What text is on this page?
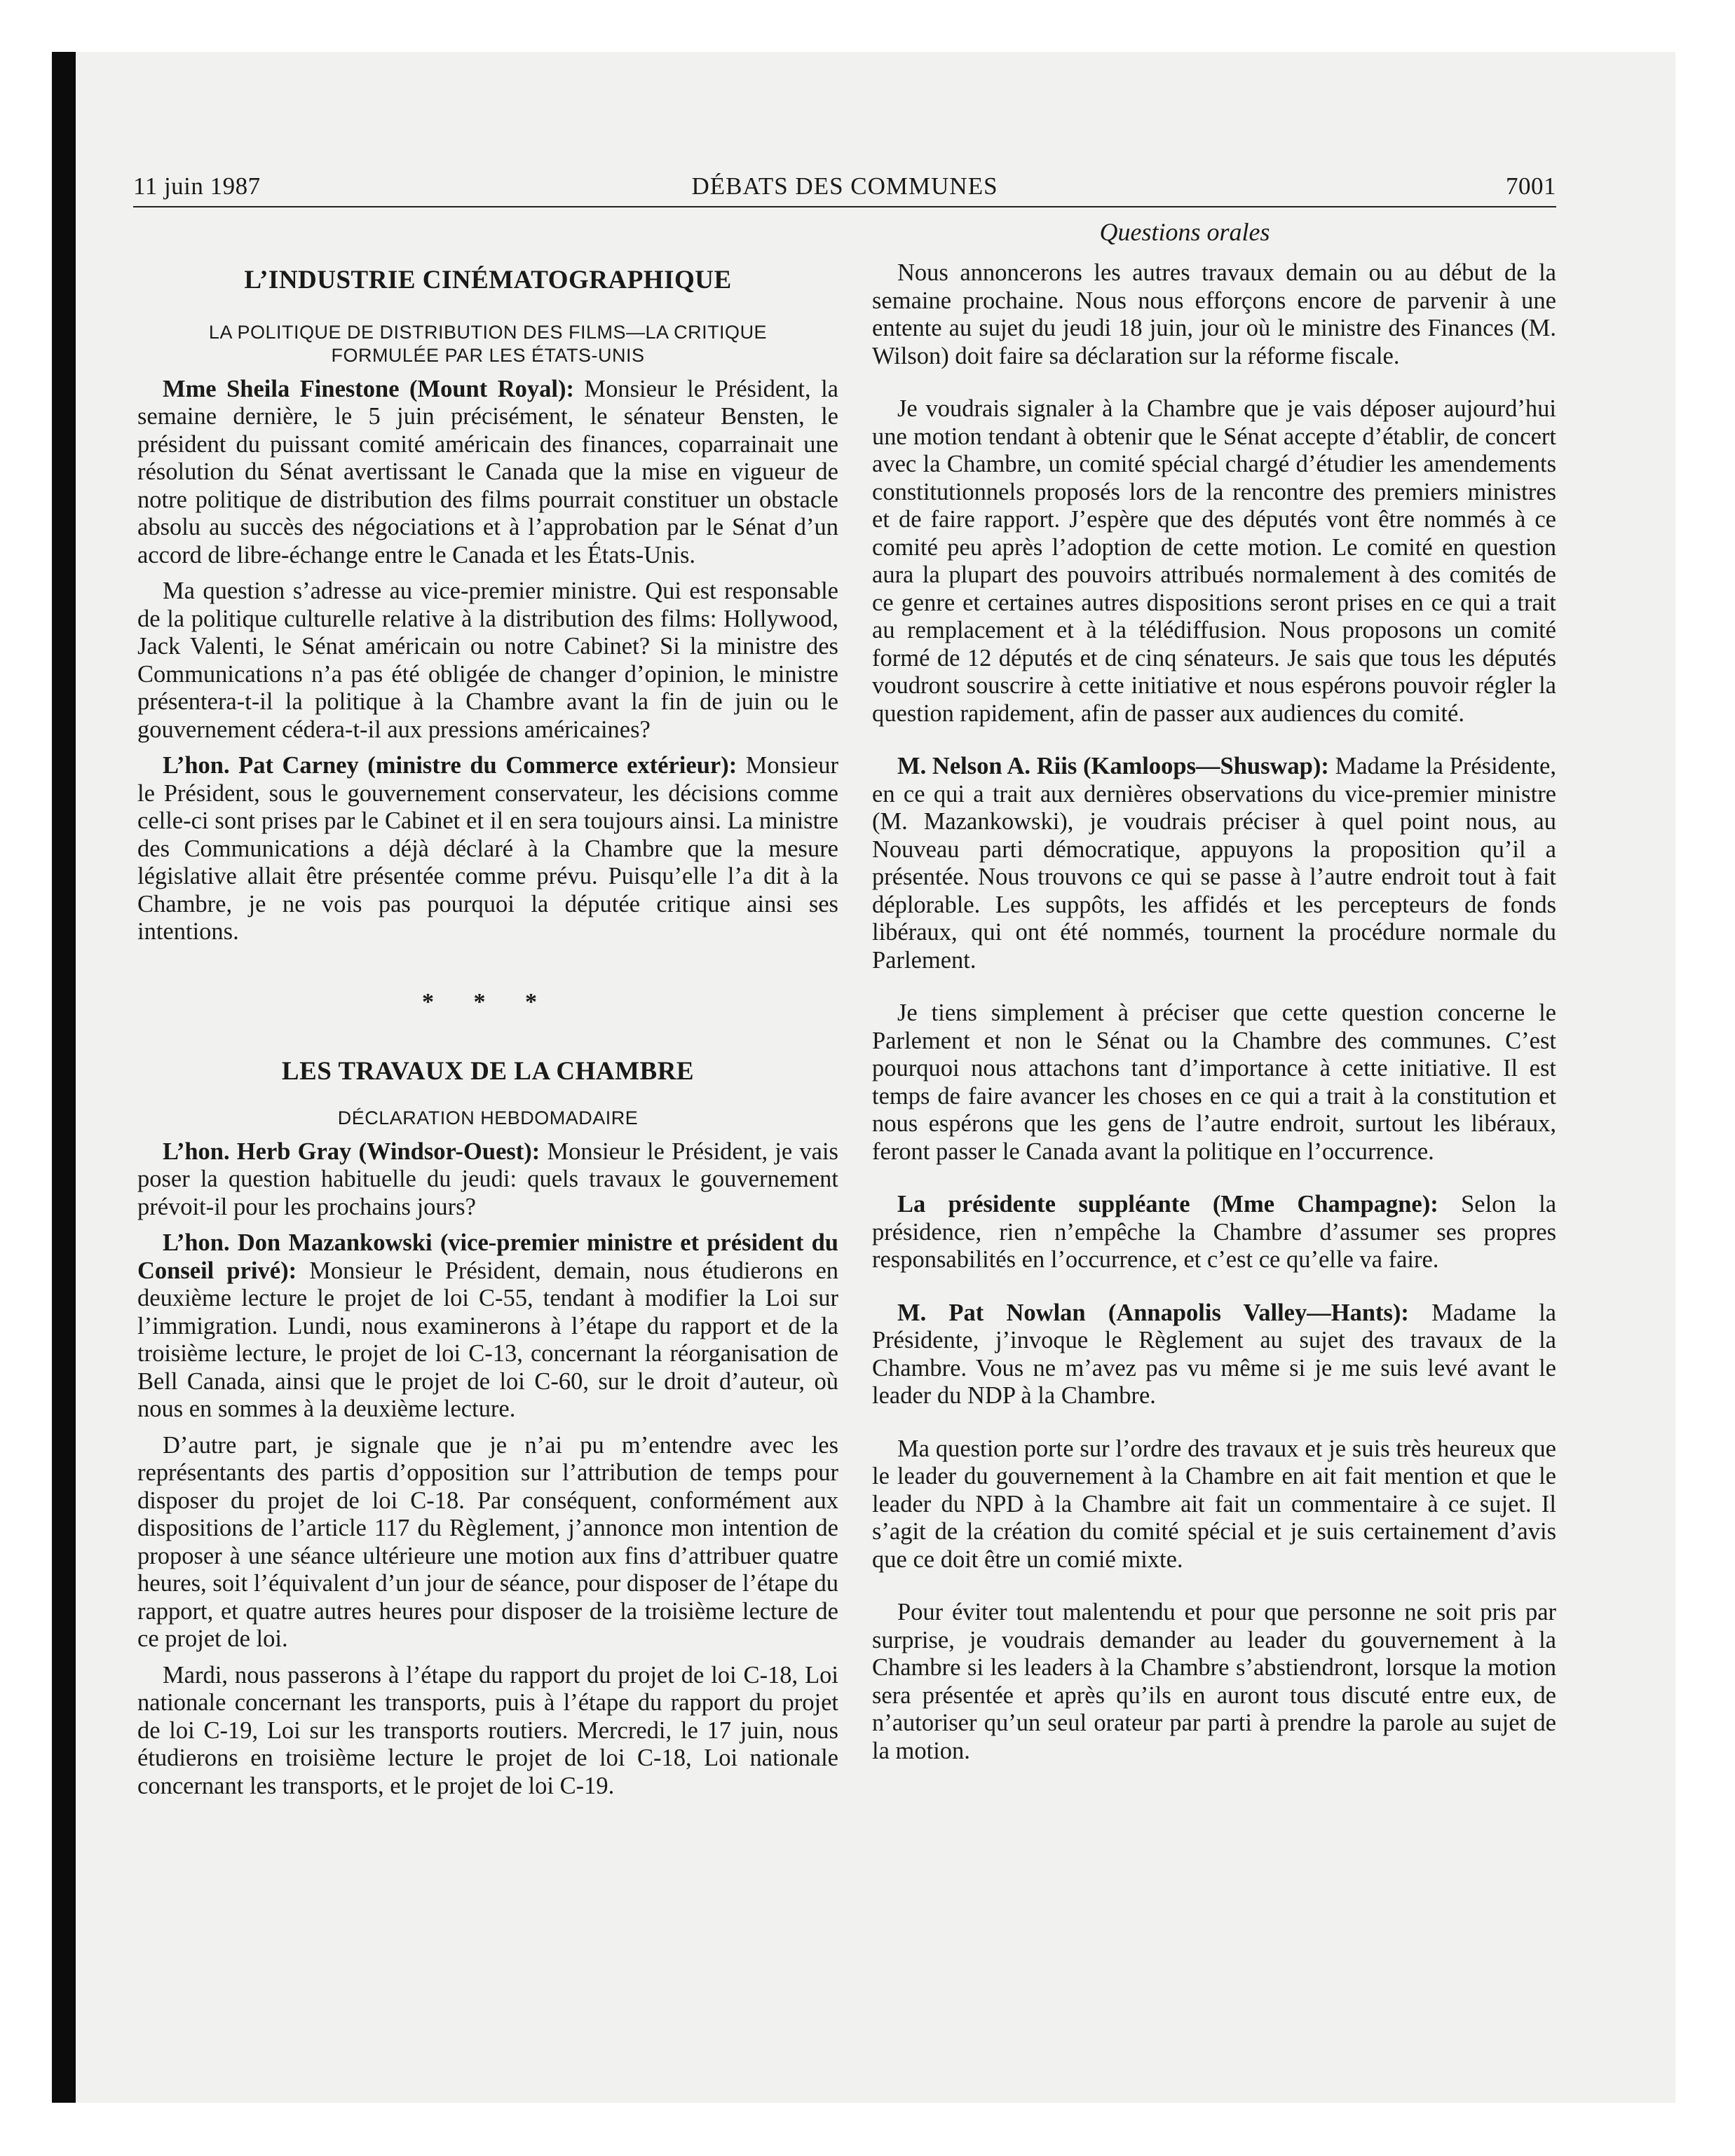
11 juin 1987	DÉBATS DES COMMUNES	7001
Questions orales
L’INDUSTRIE CINÉMATOGRAPHIQUE
LA POLITIQUE DE DISTRIBUTION DES FILMS—LA CRITIQUE FORMULÉE PAR LES ÉTATS-UNIS

Mme Sheila Finestone (Mount Royal): Monsieur le Président, la semaine dernière, le 5 juin précisément, le sénateur Bensten, le président du puissant comité américain des finances, coparrainait une résolution du Sénat avertissant le Canada que la mise en vigueur de notre politique de distribution des films pourrait constituer un obstacle absolu au succès des négociations et à l’approbation par le Sénat d’un accord de libre-échange entre le Canada et les États-Unis.

Ma question s’adresse au vice-premier ministre. Qui est responsable de la politique culturelle relative à la distribution des films: Hollywood, Jack Valenti, le Sénat américain ou notre Cabinet? Si la ministre des Communications n’a pas été obligée de changer d’opinion, le ministre présentera-t-il la politique à la Chambre avant la fin de juin ou le gouvernement cédera-t-il aux pressions américaines?

L’hon. Pat Carney (ministre du Commerce extérieur): Monsieur le Président, sous le gouvernement conservateur, les décisions comme celle-ci sont prises par le Cabinet et il en sera toujours ainsi. La ministre des Communications a déjà déclaré à la Chambre que la mesure législative allait être présentée comme prévu. Puisqu’elle l’a dit à la Chambre, je ne vois pas pourquoi la députée critique ainsi ses intentions.

* * *
LES TRAVAUX DE LA CHAMBRE
DÉCLARATION HEBDOMADAIRE

L’hon. Herb Gray (Windsor-Ouest): Monsieur le Président, je vais poser la question habituelle du jeudi: quels travaux le gouvernement prévoit-il pour les prochains jours?

L’hon. Don Mazankowski (vice-premier ministre et président du Conseil privé): Monsieur le Président, demain, nous étudierons en deuxième lecture le projet de loi C-55, tendant à modifier la Loi sur l’immigration. Lundi, nous examinerons à l’étape du rapport et de la troisième lecture, le projet de loi C-13, concernant la réorganisation de Bell Canada, ainsi que le projet de loi C-60, sur le droit d’auteur, où nous en sommes à la deuxième lecture.

D’autre part, je signale que je n’ai pu m’entendre avec les représentants des partis d’opposition sur l’attribution de temps pour disposer du projet de loi C-18. Par conséquent, conformément aux dispositions de l’article 117 du Règlement, j’annonce mon intention de proposer à une séance ultérieure une motion aux fins d’attribuer quatre heures, soit l’équivalent d’un jour de séance, pour disposer de l’étape du rapport, et quatre autres heures pour disposer de la troisième lecture de ce projet de loi.

Mardi, nous passerons à l’étape du rapport du projet de loi C-18, Loi nationale concernant les transports, puis à l’étape du rapport du projet de loi C-19, Loi sur les transports routiers. Mercredi, le 17 juin, nous étudierons en troisième lecture le projet de loi C-18, Loi nationale concernant les transports, et le projet de loi C-19.

Nous annoncerons les autres travaux demain ou au début de la semaine prochaine. Nous nous efforçons encore de parvenir à une entente au sujet du jeudi 18 juin, jour où le ministre des Finances (M. Wilson) doit faire sa déclaration sur la réforme fiscale.

Je voudrais signaler à la Chambre que je vais déposer aujourd’hui une motion tendant à obtenir que le Sénat accepte d’établir, de concert avec la Chambre, un comité spécial chargé d’étudier les amendements constitutionnels proposés lors de la rencontre des premiers ministres et de faire rapport. J’espère que des députés vont être nommés à ce comité peu après l’adoption de cette motion. Le comité en question aura la plupart des pouvoirs attribués normalement à des comités de ce genre et certaines autres dispositions seront prises en ce qui a trait au remplacement et à la télédiffusion. Nous proposons un comité formé de 12 députés et de cinq sénateurs. Je sais que tous les députés voudront souscrire à cette initiative et nous espérons pouvoir régler la question rapidement, afin de passer aux audiences du comité.

M. Nelson A. Riis (Kamloops—Shuswap): Madame la Présidente, en ce qui a trait aux dernières observations du vice-premier ministre (M. Mazankowski), je voudrais préciser à quel point nous, au Nouveau parti démocratique, appuyons la proposition qu’il a présentée. Nous trouvons ce qui se passe à l’autre endroit tout à fait déplorable. Les suppôts, les affidés et les percepteurs de fonds libéraux, qui ont été nommés, tournent la procédure normale du Parlement.

Je tiens simplement à préciser que cette question concerne le Parlement et non le Sénat ou la Chambre des communes. C’est pourquoi nous attachons tant d’importance à cette initiative. Il est temps de faire avancer les choses en ce qui a trait à la constitution et nous espérons que les gens de l’autre endroit, surtout les libéraux, feront passer le Canada avant la politique en l’occurrence.

La présidente suppléante (Mme Champagne): Selon la présidence, rien n’empêche la Chambre d’assumer ses propres responsabilités en l’occurrence, et c’est ce qu’elle va faire.

M. Pat Nowlan (Annapolis Valley—Hants): Madame la Présidente, j’invoque le Règlement au sujet des travaux de la Chambre. Vous ne m’avez pas vu même si je me suis levé avant le leader du NDP à la Chambre.

Ma question porte sur l’ordre des travaux et je suis très heureux que le leader du gouvernement à la Chambre en ait fait mention et que le leader du NPD à la Chambre ait fait un commentaire à ce sujet. Il s’agit de la création du comité spécial et je suis certainement d’avis que ce doit être un comié mixte.

Pour éviter tout malentendu et pour que personne ne soit pris par surprise, je voudrais demander au leader du gouvernement à la Chambre si les leaders à la Chambre s’abstiendront, lorsque la motion sera présentée et après qu’ils en auront tous discuté entre eux, de n’autoriser qu’un seul orateur par parti à prendre la parole au sujet de la motion.
